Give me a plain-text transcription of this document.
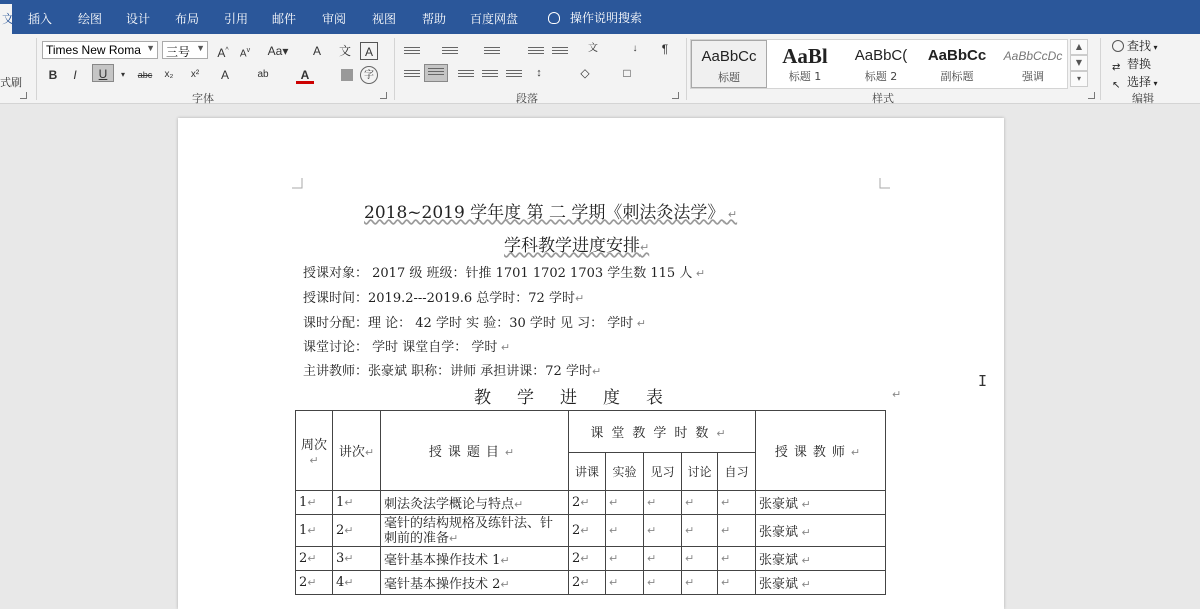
文件 插入 绘图 设计 布局 引用 邮件 审阅 视图 帮助 百度网盘	操作说明搜索
式刷
Times New Roma ▼ 三号 ▼ A^	$A^v$	Aa▾	A	文	A
B	I	U	▾	abc	x₂	x²	A	ab	A	字
字体
文	↓	¶
↕	◇	□
段落
AaBbCc
标题
AaBl
标题 1
AaBbC(
标题 2
AaBbCc
副标题
AaBbCcDc
强调
▲
▼
▾
样式
查找 ▾
⇄ 替换
↖ 选择 ▾
编辑
2018~2019 学年度 第 二 学期《刺法灸法学》 ↵
学科教学进度安排↵
授课对象： 2017 级 班级：针推 1701 1702 1703 学生数 115 人 ↵
授课时间：2019.2---2019.6 总学时：72 学时↵
课时分配：理 论： 42 学时 实 验：30 学时 见 习： 学时 ↵
课堂讨论： 学时 课堂自学： 学时 ↵
主讲教师：张豪斌 职称：讲师 承担讲课：72 学时↵
教学进度表	↵
周次↵	讲次↵	授课题目↵	课堂教学时数↵					授课教师↵
			讲课	实验	见习	讨论	自习	
1↵	1↵	刺法灸法学概论与特点↵	2↵	↵	↵	↵	↵	张豪斌 ↵
1↵	2↵	毫针的结构规格及练针法、针刺前的准备↵	2↵	↵	↵	↵	↵	张豪斌 ↵
2↵	3↵	毫针基本操作技术 1↵	2↵	↵	↵	↵	↵	张豪斌 ↵
2↵	4↵	毫针基本操作技术 2↵	2↵	↵	↵	↵	↵	张豪斌 ↵
I
